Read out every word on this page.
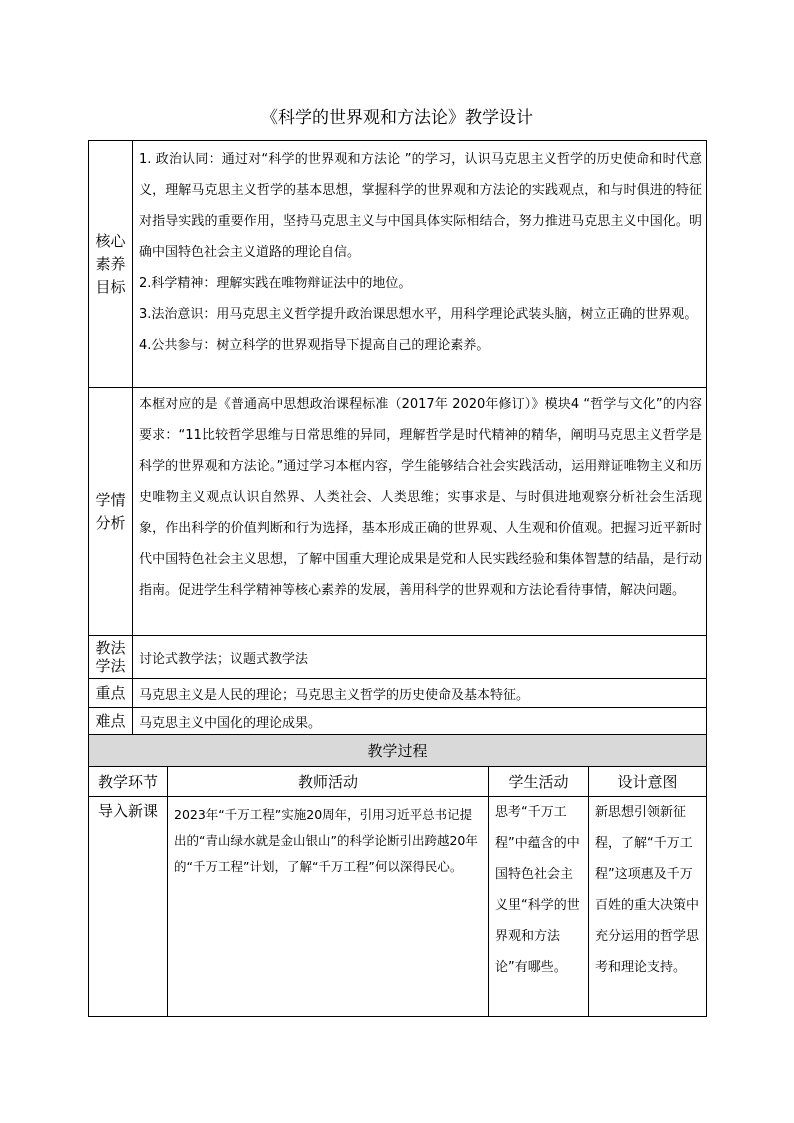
《科学的世界观和方法论》教学设计
核心素养目标	1. 政治认同：通过对“科学的世界观和方法论 ”的学习，认识马克思主义哲学的历史使命和时代意义，理解马克思主义哲学的基本思想，掌握科学的世界观和方法论的实践观点，和与时俱进的特征对指导实践的重要作用，坚持马克思主义与中国具体实际相结合，努力推进马克思主义中国化。明确中国特色社会主义道路的理论自信。

2.科学精神：理解实践在唯物辩证法中的地位。

3.法治意识：用马克思主义哲学提升政治课思想水平，用科学理论武装头脑，树立正确的世界观。

4.公共参与：树立科学的世界观指导下提高自己的理论素养。			

学情分析	本框对应的是《普通高中思想政治课程标准（2017年 2020年修订）》模块4 “哲学与文化”的内容要求：“11比较哲学思维与日常思维的异同，理解哲学是时代精神的精华，阐明马克思主义哲学是科学的世界观和方法论。”通过学习本框内容，学生能够结合社会实践活动，运用辩证唯物主义和历史唯物主义观点认识自然界、人类社会、人类思维；实事求是、与时俱进地观察分析社会生活现象，作出科学的价值判断和行为选择，基本形成正确的世界观、人生观和价值观。把握习近平新时代中国特色社会主义思想，了解中国重大理论成果是党和人民实践经验和集体智慧的结晶，是行动指南。促进学生科学精神等核心素养的发展，善用科学的世界观和方法论看待事情，解决问题。			
教法学法	讨论式教学法；议题式教学法			
重点	马克思主义是人民的理论；马克思主义哲学的历史使命及基本特征。			
难点	马克思主义中国化的理论成果。			
教学过程				
教学环节		教师活动	学生活动	设计意图
导入新课		2023年“千万工程”实施20周年，引用习近平总书记提出的“青山绿水就是金山银山”的科学论断引出跨越20年的“千万工程”计划，了解“千万工程”何以深得民心。	思考“千万工程”中蕴含的中国特色社会主义里“科学的世界观和方法论”有哪些。	新思想引领新征程，了解“千万工程”这项惠及千万百姓的重大决策中充分运用的哲学思考和理论支持。
